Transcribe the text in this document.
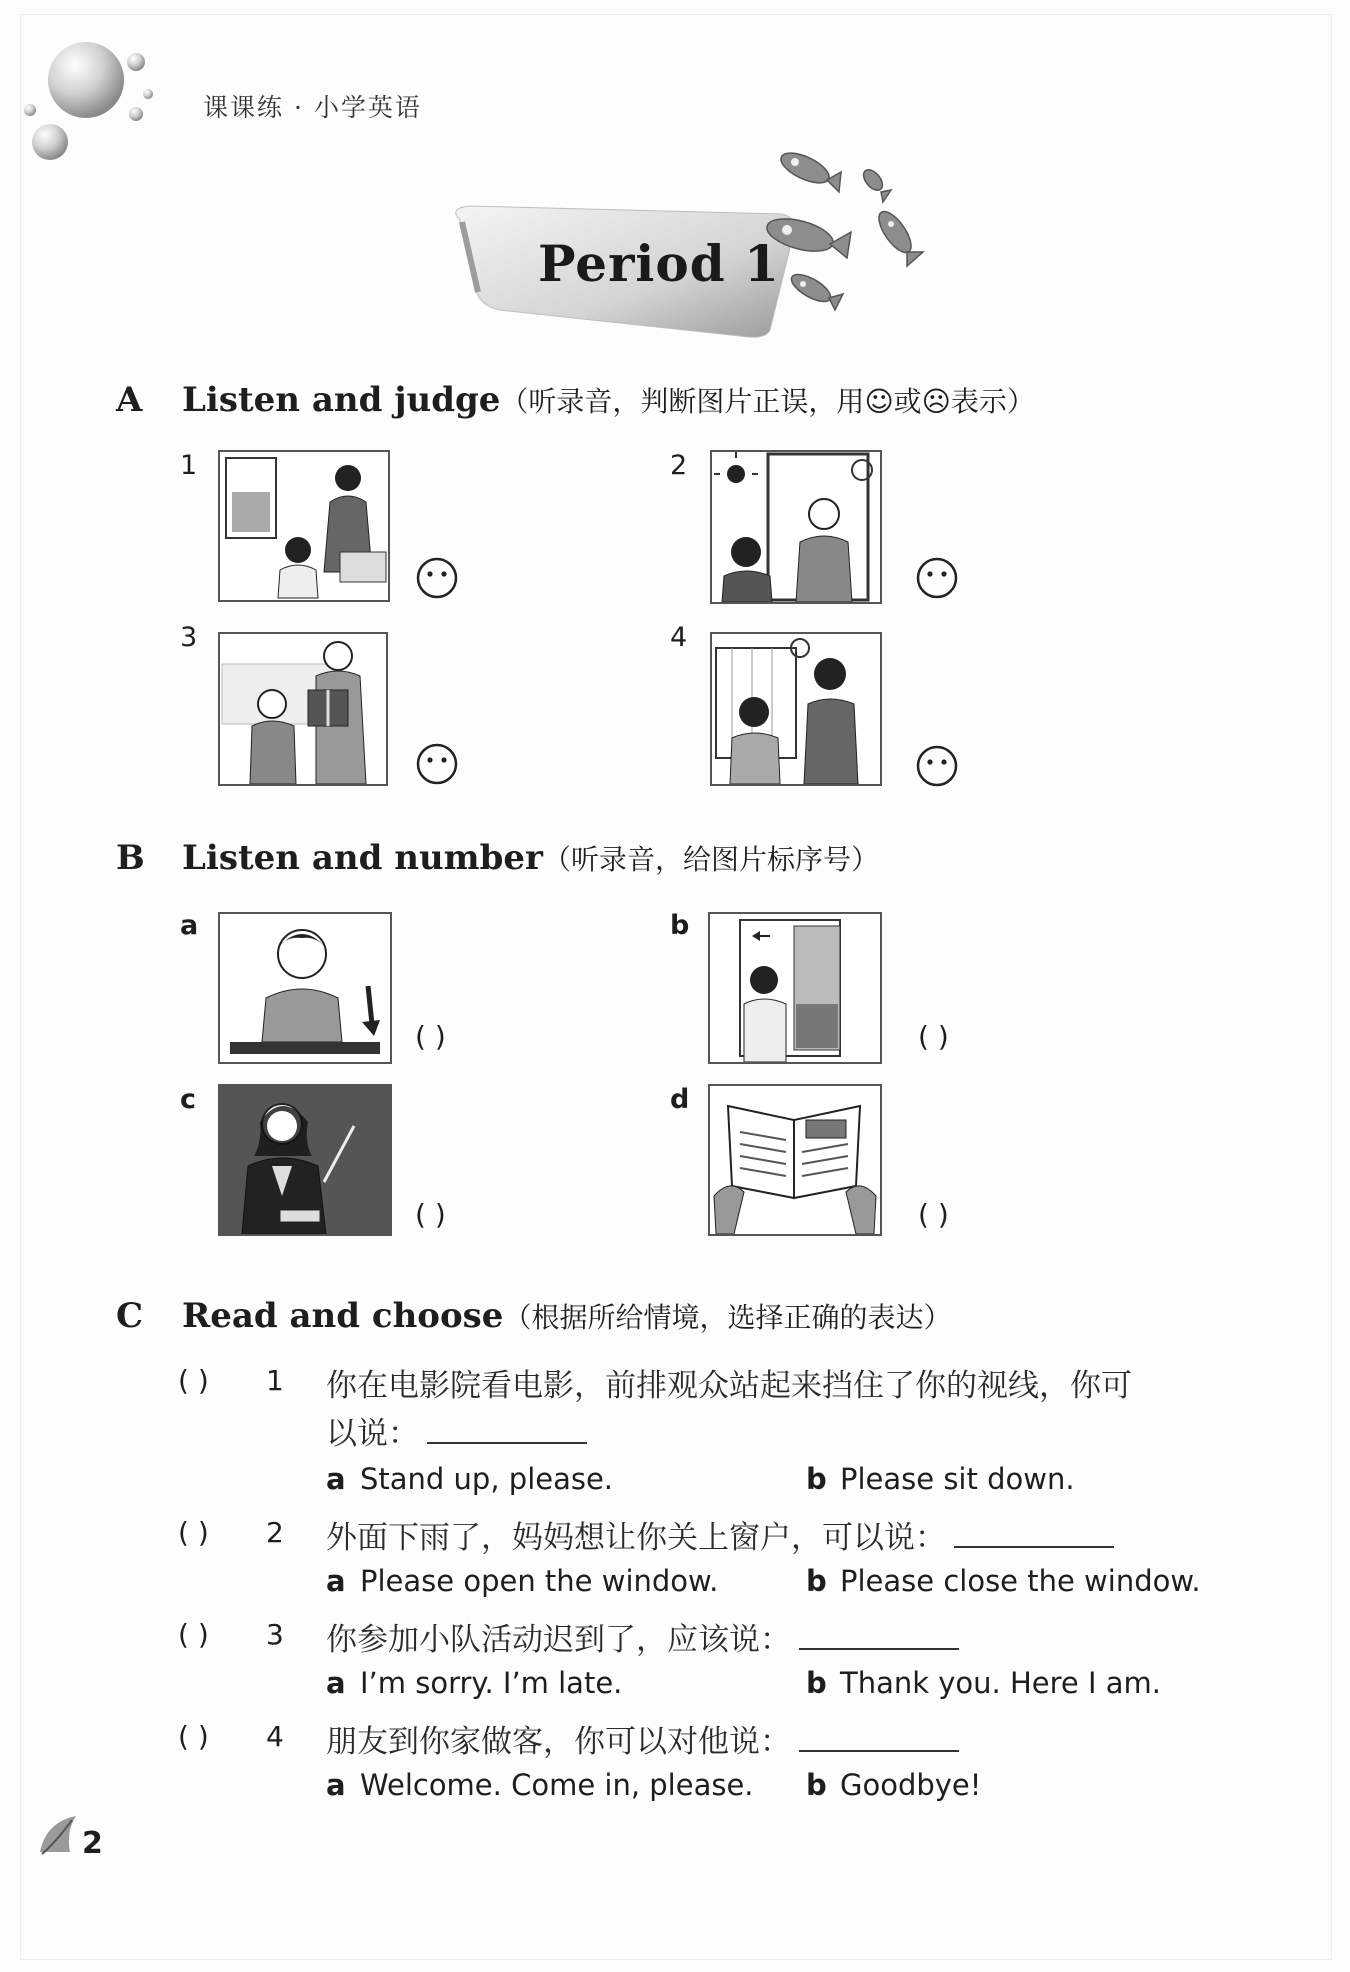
课课练 · 小学英语
Period 1
A Listen and judge（听录音，判断图片正误，用☺或☹表示）
1	2
3	4
B Listen and number（听录音，给图片标序号）
a
( )
b
( )
c
( )
d
( )
C Read and choose（根据所给情境，选择正确的表达）
( ) 1 你在电影院看电影，前排观众站起来挡住了你的视线，你可
以说：
a Stand up, please.	b Please sit down.
( ) 2 外面下雨了，妈妈想让你关上窗户，可以说：
a Please open the window.	b Please close the window.
( ) 3 你参加小队活动迟到了，应该说：
a I’m sorry. I’m late.	b Thank you. Here I am.
( ) 4 朋友到你家做客，你可以对他说：
a Welcome. Come in, please. b Goodbye!
2
